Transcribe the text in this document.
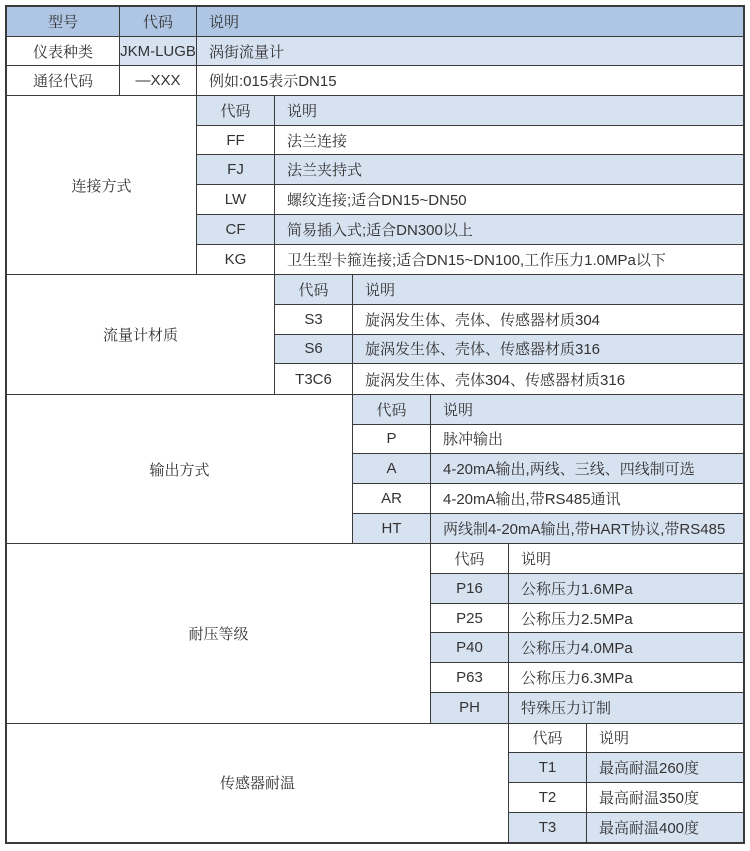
型号	代码	说明
仪表种类	JKM-LUGB 涡街流量计
通径代码	—XXX	例如:015表示DN15
连接方式
代码	说明
FF	法兰连接
FJ	法兰夹持式
LW	螺纹连接;适合DN15~DN50
CF	简易插入式;适合DN300以上
KG	卫生型卡箍连接;适合DN15~DN100,工作压力1.0MPa以下
流量计材质
代码	说明
S3	旋涡发生体、壳体、传感器材质304
S6	旋涡发生体、壳体、传感器材质316
T3C6	旋涡发生体、壳体304、传感器材质316
输出方式
代码	说明
P	脉冲输出
A	4-20mA输出,两线、三线、四线制可选
AR	4-20mA输出,带RS485通讯
HT	两线制4-20mA输出,带HART协议,带RS485
耐压等级
代码	说明
P16	公称压力1.6MPa
P25	公称压力2.5MPa
P40	公称压力4.0MPa
P63	公称压力6.3MPa
PH	特殊压力订制
传感器耐温
代码	说明
T1	最高耐温260度
T2	最高耐温350度
T3	最高耐温400度
